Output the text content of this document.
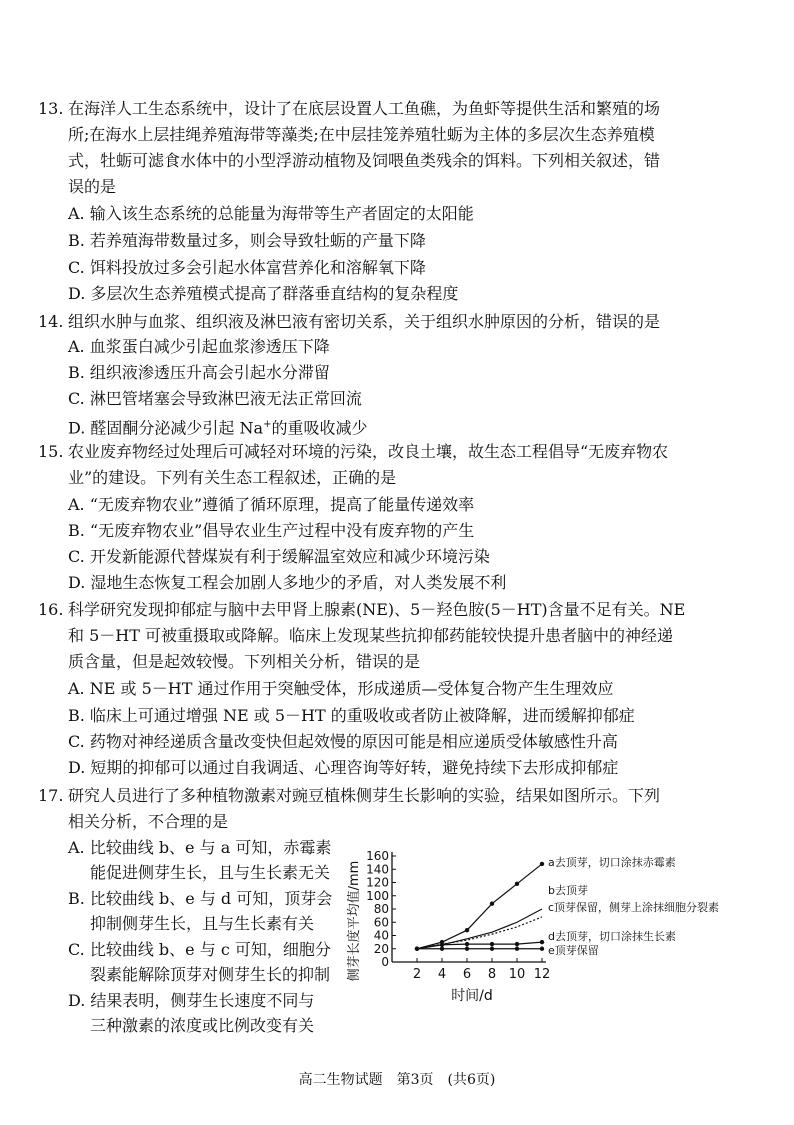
13. 在海洋人工生态系统中，设计了在底层设置人工鱼礁，为鱼虾等提供生活和繁殖的场
所;在海水上层挂绳养殖海带等藻类;在中层挂笼养殖牡蛎为主体的多层次生态养殖模
式，牡蛎可滤食水体中的小型浮游动植物及饲喂鱼类残余的饵料。下列相关叙述，错
误的是
A. 输入该生态系统的总能量为海带等生产者固定的太阳能
B. 若养殖海带数量过多，则会导致牡蛎的产量下降
C. 饵料投放过多会引起水体富营养化和溶解氧下降
D. 多层次生态养殖模式提高了群落垂直结构的复杂程度
14. 组织水肿与血浆、组织液及淋巴液有密切关系，关于组织水肿原因的分析，错误的是
A. 血浆蛋白减少引起血浆渗透压下降
B. 组织液渗透压升高会引起水分滞留
C. 淋巴管堵塞会导致淋巴液无法正常回流
D. 醛固酮分泌减少引起 Na+的重吸收减少
15. 农业废弃物经过处理后可减轻对环境的污染，改良土壤，故生态工程倡导“无废弃物农
业”的建设。下列有关生态工程叙述，正确的是
A. “无废弃物农业”遵循了循环原理，提高了能量传递效率
B. “无废弃物农业”倡导农业生产过程中没有废弃物的产生
C. 开发新能源代替煤炭有利于缓解温室效应和减少环境污染
D. 湿地生态恢复工程会加剧人多地少的矛盾，对人类发展不利
16. 科学研究发现抑郁症与脑中去甲肾上腺素(NE)、5－羟色胺(5－HT)含量不足有关。NE
和 5－HT 可被重摄取或降解。临床上发现某些抗抑郁药能较快提升患者脑中的神经递
质含量，但是起效较慢。下列相关分析，错误的是
A. NE 或 5－HT 通过作用于突触受体，形成递质—受体复合物产生生理效应
B. 临床上可通过增强 NE 或 5－HT 的重吸收或者防止被降解，进而缓解抑郁症
C. 药物对神经递质含量改变快但起效慢的原因可能是相应递质受体敏感性升高
D. 短期的抑郁可以通过自我调适、心理咨询等好转，避免持续下去形成抑郁症
17. 研究人员进行了多种植物激素对豌豆植株侧芽生长影响的实验，结果如图所示。下列
相关分析，不合理的是
A. 比较曲线 b、e 与 a 可知，赤霉素
能促进侧芽生长，且与生长素无关
B. 比较曲线 b、e 与 d 可知，顶芽会
抑制侧芽生长，且与生长素有关
C. 比较曲线 b、e 与 c 可知，细胞分
裂素能解除顶芽对侧芽生长的抑制
D. 结果表明，侧芽生长速度不同与
三种激素的浓度或比例改变有关
0
20
40
60
80
100
120
140
160
2 4 6 8 10 12
时间/d
侧芽长度平均值/mm	a去顶芽，切口涂抹赤霉素
b去顶芽
c顶芽保留，侧芽上涂抹细胞分裂素
d去顶芽，切口涂抹生长素
e顶芽保留
高二生物试题　第3页　(共6页)
